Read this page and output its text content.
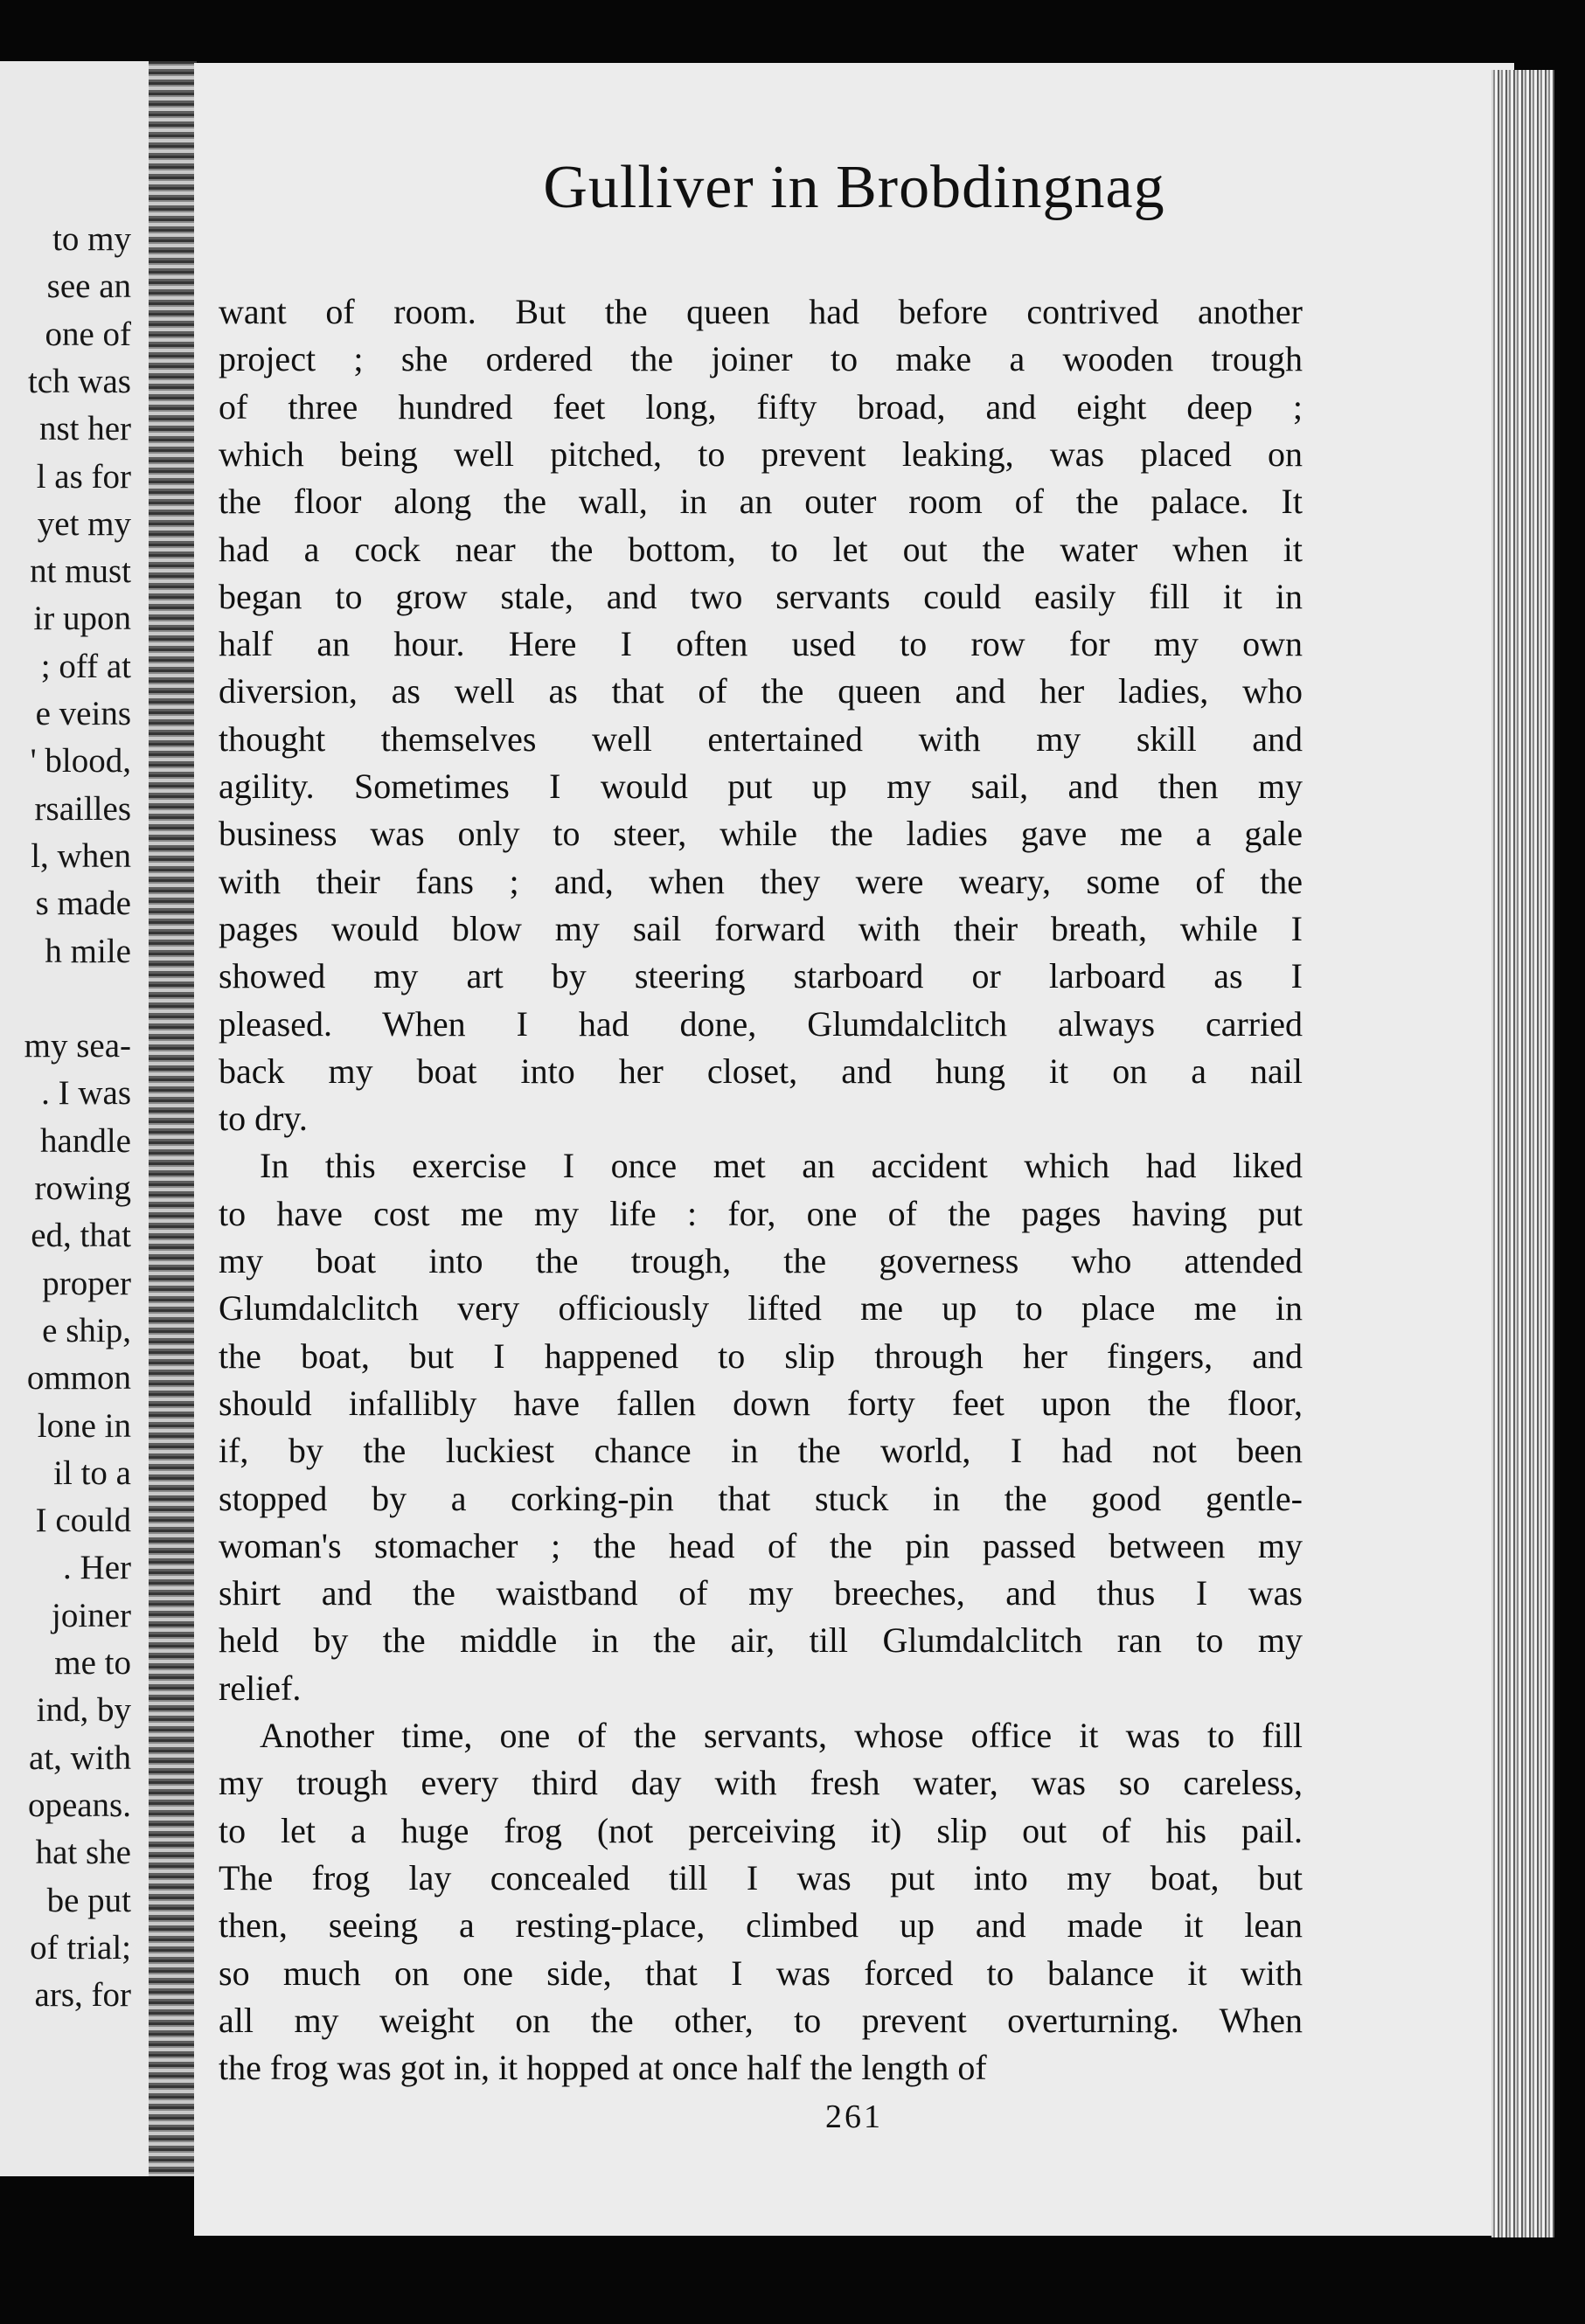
to my
see an
one of
tch was
nst her
l as for
yet my
nt must
ir upon
; off at
e veins
' blood,
rsailles
l, when
s made
h mile
my sea-
. I was
handle
rowing
ed, that
proper
e ship,
ommon
lone in
il to a
I could
. Her
joiner
me to
ind, by
at, with
opeans.
hat she
be put
of trial;
ars, for
Gulliver in Brobdingnag
want of room. But the queen had before contrived another
project ; she ordered the joiner to make a wooden trough
of three hundred feet long, fifty broad, and eight deep ;
which being well pitched, to prevent leaking, was placed on
the floor along the wall, in an outer room of the palace. It
had a cock near the bottom, to let out the water when it
began to grow stale, and two servants could easily fill it in
half an hour. Here I often used to row for my own
diversion, as well as that of the queen and her ladies, who
thought themselves well entertained with my skill and
agility. Sometimes I would put up my sail, and then my
business was only to steer, while the ladies gave me a gale
with their fans ; and, when they were weary, some of the
pages would blow my sail forward with their breath, while I
showed my art by steering starboard or larboard as I
pleased. When I had done, Glumdalclitch always carried
back my boat into her closet, and hung it on a nail
to dry.
In this exercise I once met an accident which had liked
to have cost me my life : for, one of the pages having put
my boat into the trough, the governess who attended
Glumdalclitch very officiously lifted me up to place me in
the boat, but I happened to slip through her fingers, and
should infallibly have fallen down forty feet upon the floor,
if, by the luckiest chance in the world, I had not been
stopped by a corking-pin that stuck in the good gentle-
woman's stomacher ; the head of the pin passed between my
shirt and the waistband of my breeches, and thus I was
held by the middle in the air, till Glumdalclitch ran to my
relief.
Another time, one of the servants, whose office it was to fill
my trough every third day with fresh water, was so careless,
to let a huge frog (not perceiving it) slip out of his pail.
The frog lay concealed till I was put into my boat, but
then, seeing a resting-place, climbed up and made it lean
so much on one side, that I was forced to balance it with
all my weight on the other, to prevent overturning. When
the frog was got in, it hopped at once half the length of
261
